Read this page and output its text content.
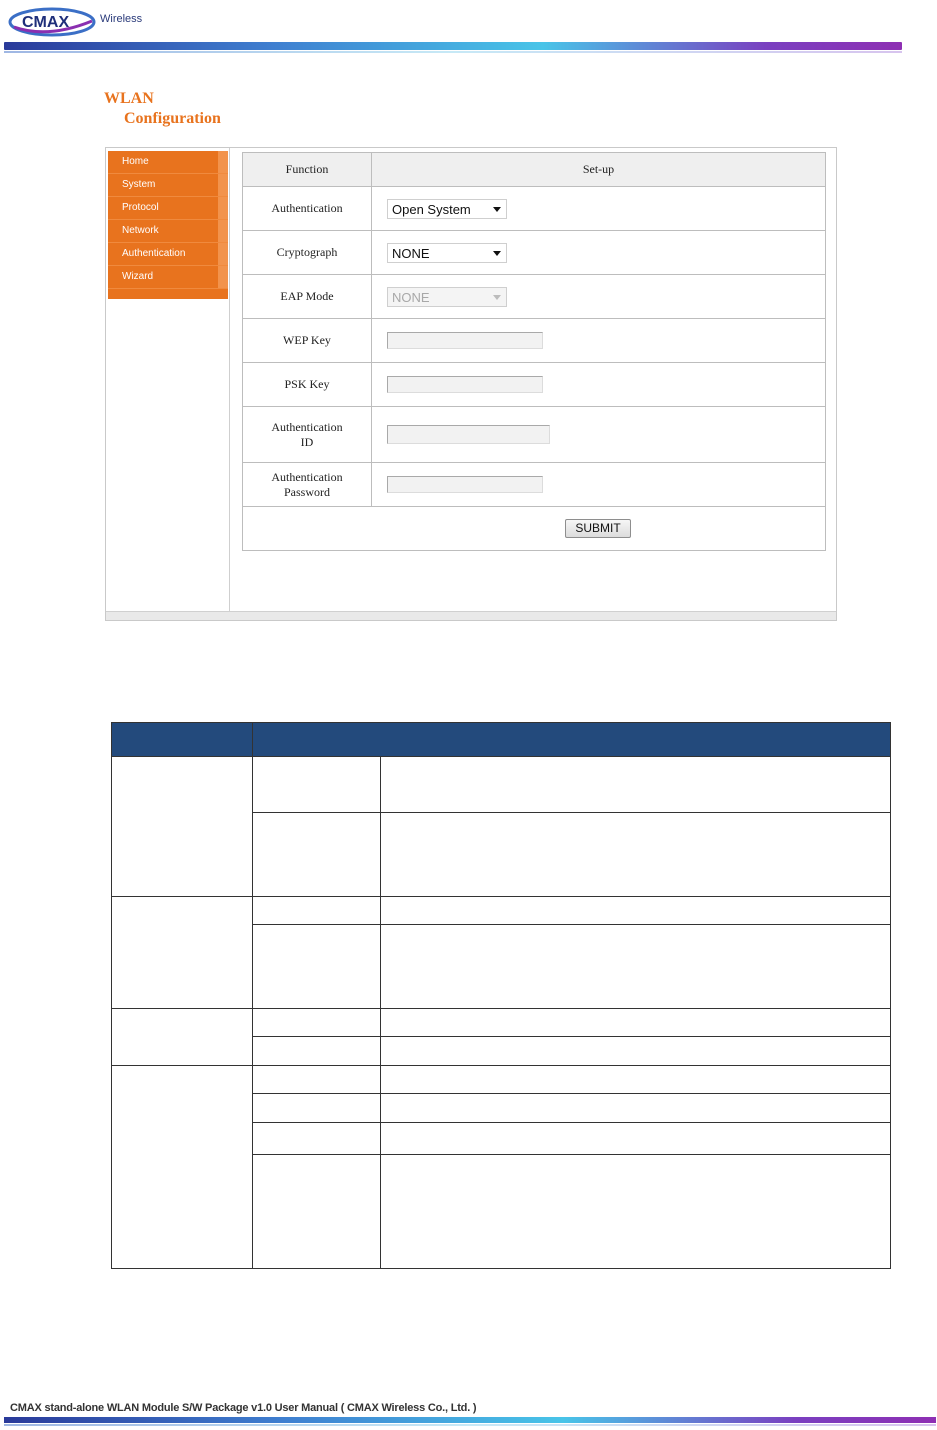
CMAX	Wireless
WLAN
Configuration
Home
System
Protocol
Network
Authentication
Wizard
Function	Set-up
Authentication	Open System

Cryptograph	NONE

EAP Mode	NONE

WEP Key	

PSK Key	

Authentication
ID	

Authentication
Password	

SUBMIT	

CMAX stand-alone WLAN Module S/W Package v1.0 User Manual ( CMAX Wireless Co., Ltd. )
